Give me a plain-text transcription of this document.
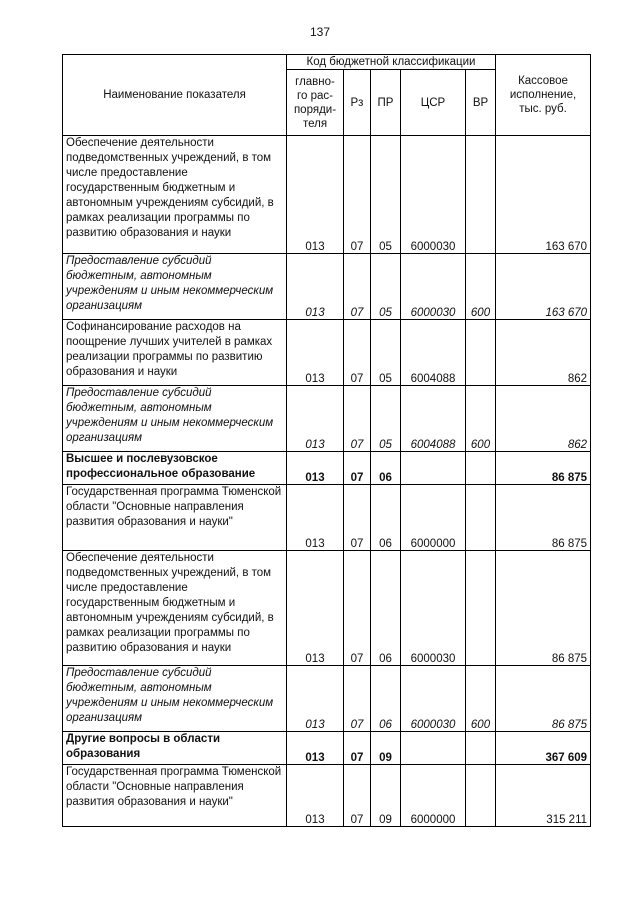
137
Наименование показателя	Код бюджетной классификации					Кассовое исполнение, тыс. руб.
	главно-го рас-поряди-теля	Рз	ПР	ЦСР	ВР	
Обеспечение деятельности подведомственных учреждений, в том числе предоставление государственным бюджетным и автономным учреждениям субсидий, в рамках реализации программы по развитию образования и науки	013	07	05	6000030		163 670
Предоставление субсидий бюджетным, автономным учреждениям и иным некоммерческим организациям	013	07	05	6000030	600	163 670
Софинансирование расходов на поощрение лучших учителей в рамках реализации программы по развитию образования и науки	013	07	05	6004088		862
Предоставление субсидий бюджетным, автономным учреждениям и иным некоммерческим организациям	013	07	05	6004088	600	862
Высшее и послевузовское профессиональное образование	013	07	06			86 875
Государственная программа Тюменской области "Основные направления развития образования и науки"	013	07	06	6000000		86 875
Обеспечение деятельности подведомственных учреждений, в том числе предоставление государственным бюджетным и автономным учреждениям субсидий, в рамках реализации программы по развитию образования и науки	013	07	06	6000030		86 875
Предоставление субсидий бюджетным, автономным учреждениям и иным некоммерческим организациям	013	07	06	6000030	600	86 875
Другие вопросы в области образования	013	07	09			367 609
Государственная программа Тюменской области "Основные направления развития образования и науки"	013	07	09	6000000		315 211
